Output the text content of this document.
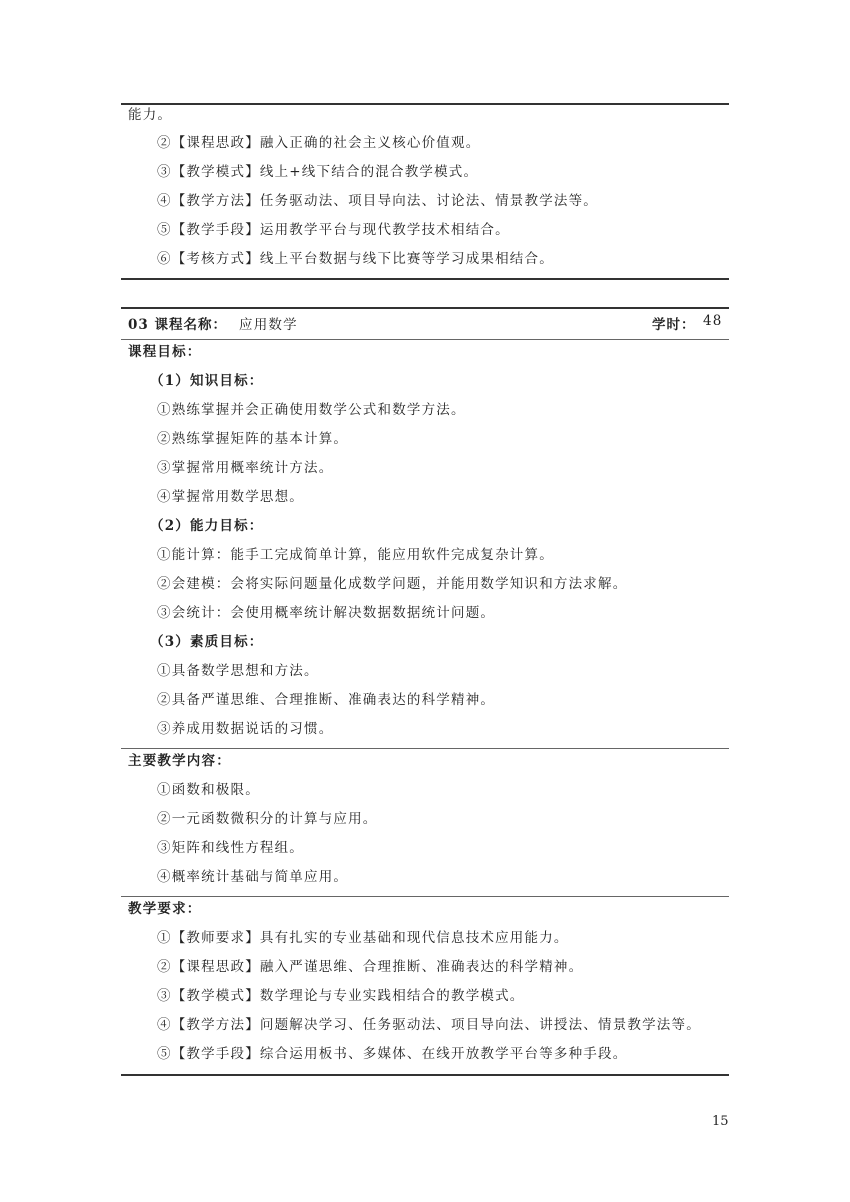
能力。
②【课程思政】融入正确的社会主义核心价值观。
③【教学模式】线上+线下结合的混合教学模式。
④【教学方法】任务驱动法、项目导向法、讨论法、情景教学法等。
⑤【教学手段】运用教学平台与现代教学技术相结合。
⑥【考核方式】线上平台数据与线下比赛等学习成果相结合。
03 课程名称： 应用数学	学时： 48
课程目标：
（1）知识目标：
①熟练掌握并会正确使用数学公式和数学方法。
②熟练掌握矩阵的基本计算。
③掌握常用概率统计方法。
④掌握常用数学思想。
（2）能力目标：
①能计算：能手工完成简单计算，能应用软件完成复杂计算。
②会建模：会将实际问题量化成数学问题，并能用数学知识和方法求解。
③会统计：会使用概率统计解决数据数据统计问题。
（3）素质目标：
①具备数学思想和方法。
②具备严谨思维、合理推断、准确表达的科学精神。
③养成用数据说话的习惯。
主要教学内容：
①函数和极限。
②一元函数微积分的计算与应用。
③矩阵和线性方程组。
④概率统计基础与简单应用。
教学要求：
①【教师要求】具有扎实的专业基础和现代信息技术应用能力。
②【课程思政】融入严谨思维、合理推断、准确表达的科学精神。
③【教学模式】数学理论与专业实践相结合的教学模式。
④【教学方法】问题解决学习、任务驱动法、项目导向法、讲授法、情景教学法等。
⑤【教学手段】综合运用板书、多媒体、在线开放教学平台等多种手段。
15
